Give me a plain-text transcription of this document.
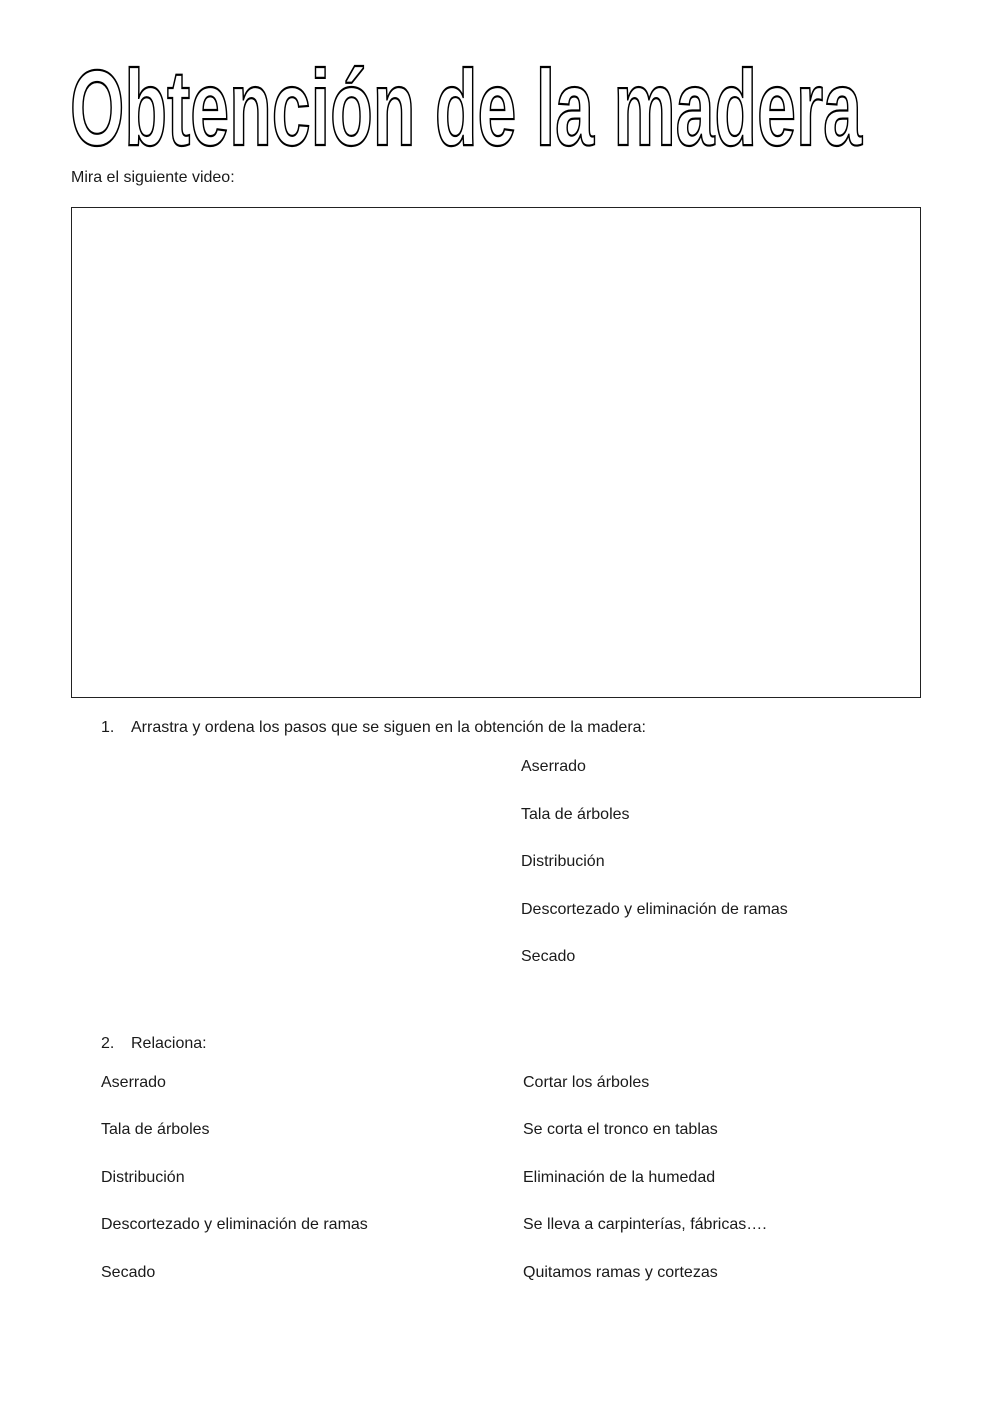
Obtención de la madera
Mira el siguiente video:
1. Arrastra y ordena los pasos que se siguen en la obtención de la madera:
Aserrado
Tala de árboles
Distribución
Descortezado y eliminación de ramas
Secado
2. Relaciona:
Aserrado
Tala de árboles
Distribución
Descortezado y eliminación de ramas
Secado
Cortar los árboles
Se corta el tronco en tablas
Eliminación de la humedad
Se lleva a carpinterías, fábricas….
Quitamos ramas y cortezas
